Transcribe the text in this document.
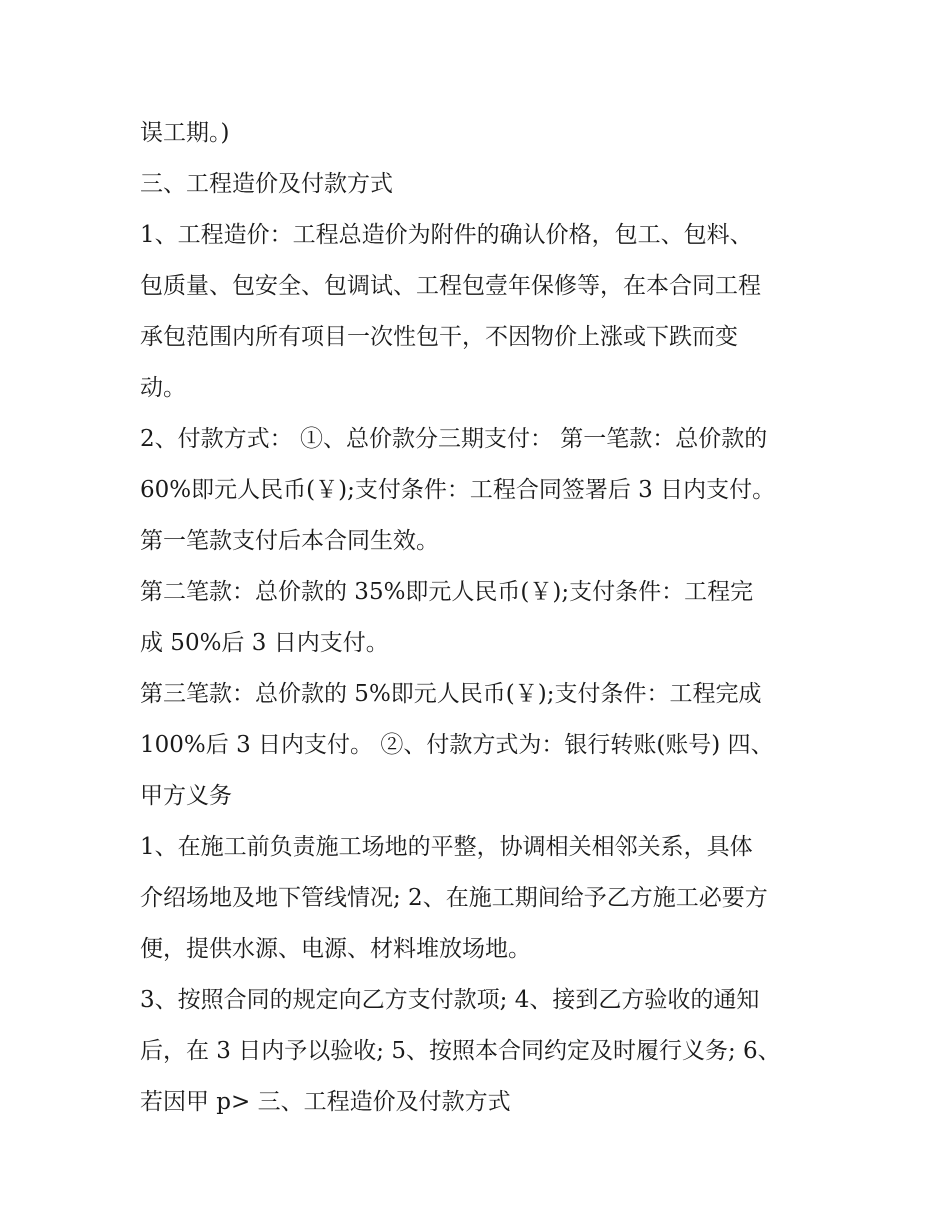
误工期。)
三、工程造价及付款方式
1、工程造价：工程总造价为附件的确认价格，包工、包料、
包质量、包安全、包调试、工程包壹年保修等，在本合同工程
承包范围内所有项目一次性包干，不因物价上涨或下跌而变
动。
2、付款方式： ①、总价款分三期支付： 第一笔款：总价款的
60%即元人民币(￥);支付条件：工程合同签署后 3 日内支付。
第一笔款支付后本合同生效。
第二笔款：总价款的 35%即元人民币(￥);支付条件：工程完
成 50%后 3 日内支付。
第三笔款：总价款的 5%即元人民币(￥);支付条件：工程完成
100%后 3 日内支付。 ②、付款方式为：银行转账(账号) 四、
甲方义务
1、在施工前负责施工场地的平整，协调相关相邻关系，具体
介绍场地及地下管线情况; 2、在施工期间给予乙方施工必要方
便，提供水源、电源、材料堆放场地。
3、按照合同的规定向乙方支付款项; 4、接到乙方验收的通知
后，在 3 日内予以验收; 5、按照本合同约定及时履行义务; 6、
若因甲 p> 三、工程造价及付款方式
